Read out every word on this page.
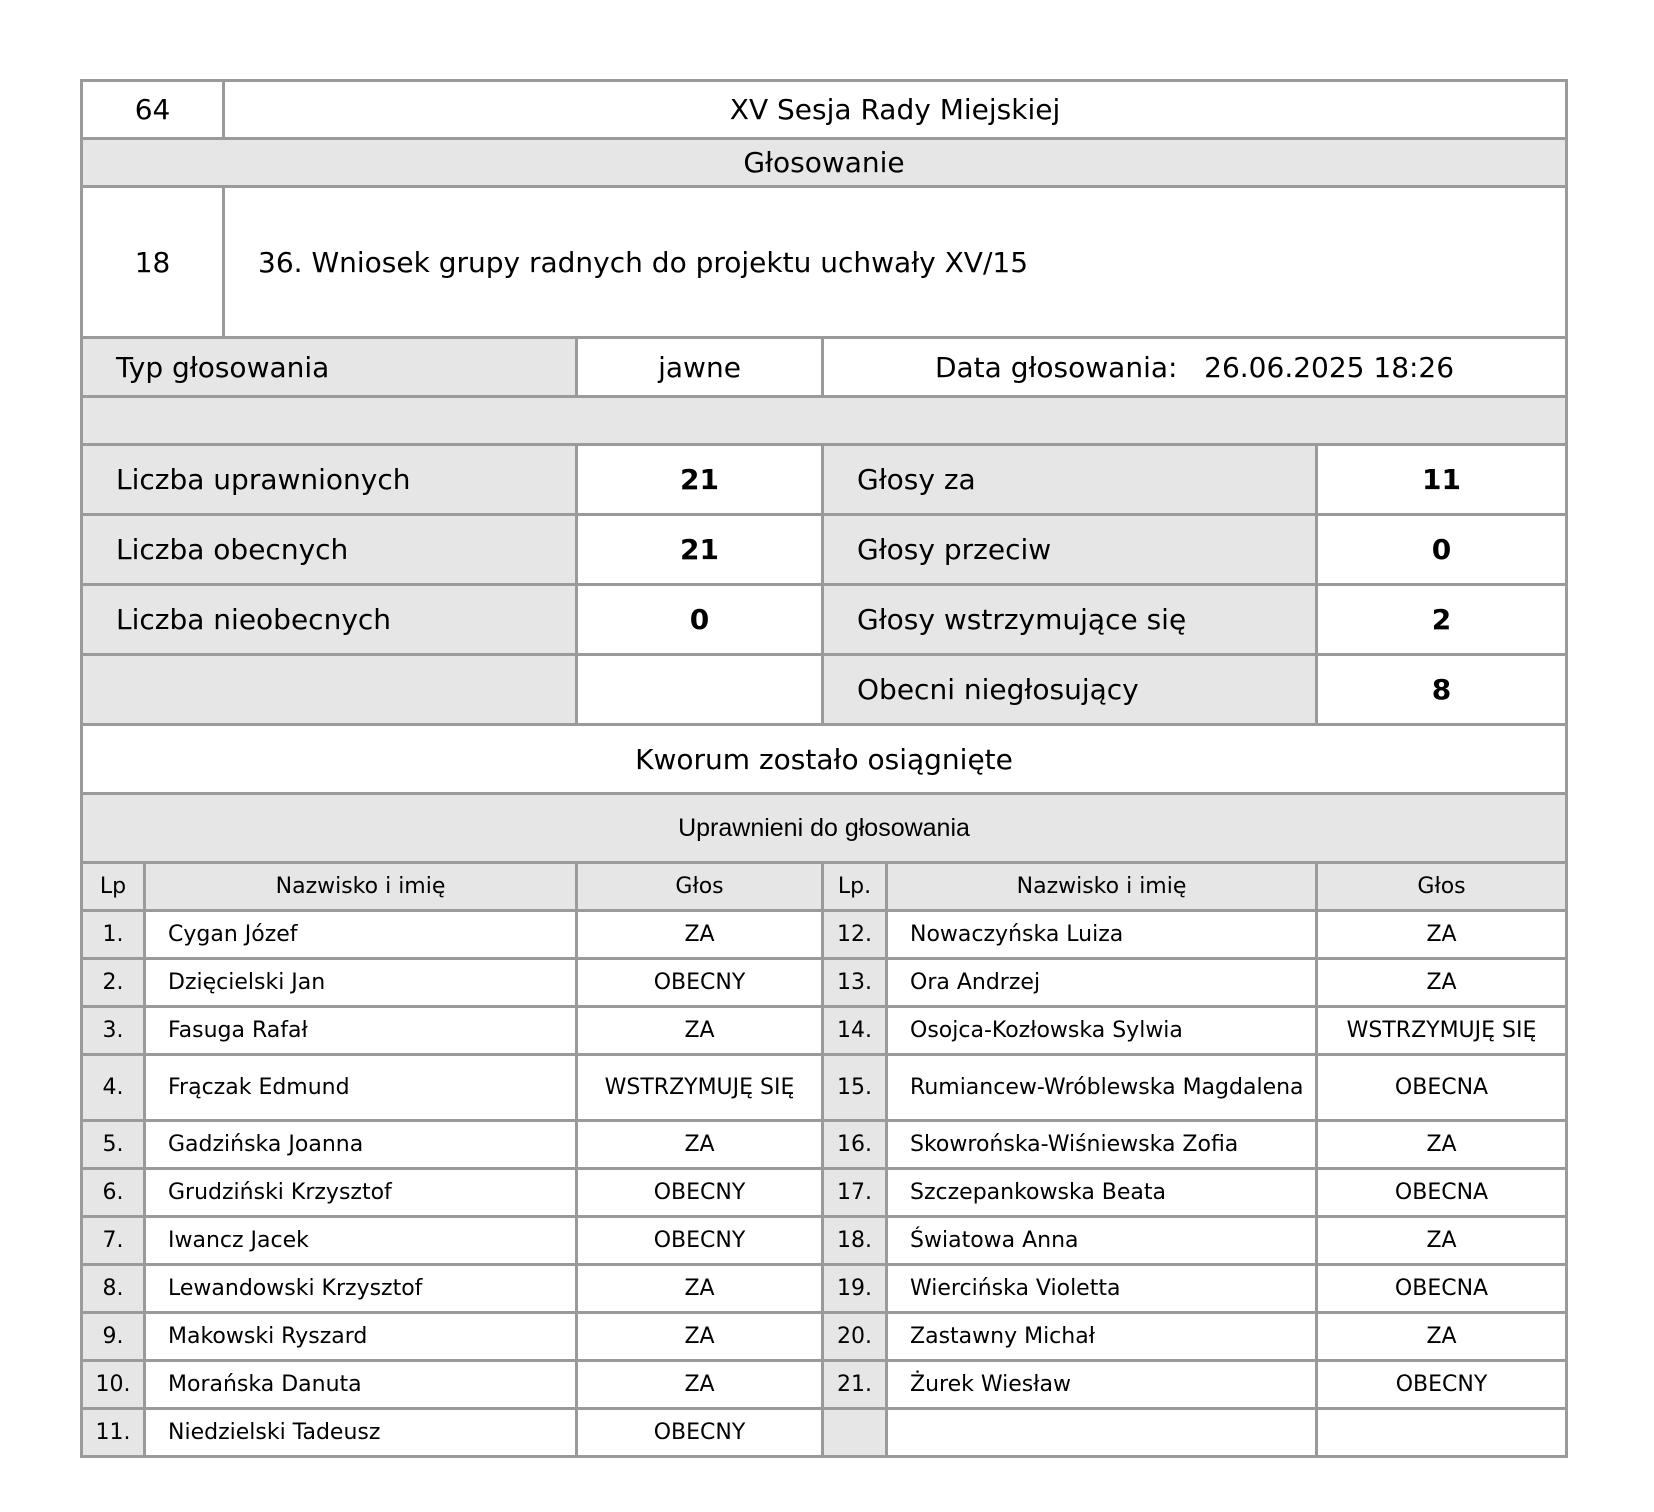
64		XV Sesja Rady Miejskiej				
Głosowanie						
18		36. Wniosek grupy radnych do projektu uchwały XV/15				
Typ głosowania			jawne	Data głosowania: 26.06.2025 18:26		

Liczba uprawnionych			21	Głosy za		11
Liczba obecnych			21	Głosy przeciw		0
Liczba nieobecnych			0	Głosy wstrzymujące się		2
				Obecni niegłosujący		8
Kworum zostało osiągnięte						
Uprawnieni do głosowania						
Lp	Nazwisko i imię		Głos	Lp.	Nazwisko i imię	Głos
1.	Cygan Józef		ZA	12.	Nowaczyńska Luiza	ZA
2.	Dzięcielski Jan		OBECNY	13.	Ora Andrzej	ZA
3.	Fasuga Rafał		ZA	14.	Osojca-Kozłowska Sylwia	WSTRZYMUJĘ SIĘ
4.	Frączak Edmund		WSTRZYMUJĘ SIĘ	15.	Rumiancew-Wróblewska Magdalena	OBECNA
5.	Gadzińska Joanna		ZA	16.	Skowrońska-Wiśniewska Zofia	ZA
6.	Grudziński Krzysztof		OBECNY	17.	Szczepankowska Beata	OBECNA
7.	Iwancz Jacek		OBECNY	18.	Światowa Anna	ZA
8.	Lewandowski Krzysztof		ZA	19.	Wiercińska Violetta	OBECNA
9.	Makowski Ryszard		ZA	20.	Zastawny Michał	ZA
10.	Morańska Danuta		ZA	21.	Żurek Wiesław	OBECNY
11.	Niedzielski Tadeusz		OBECNY			
